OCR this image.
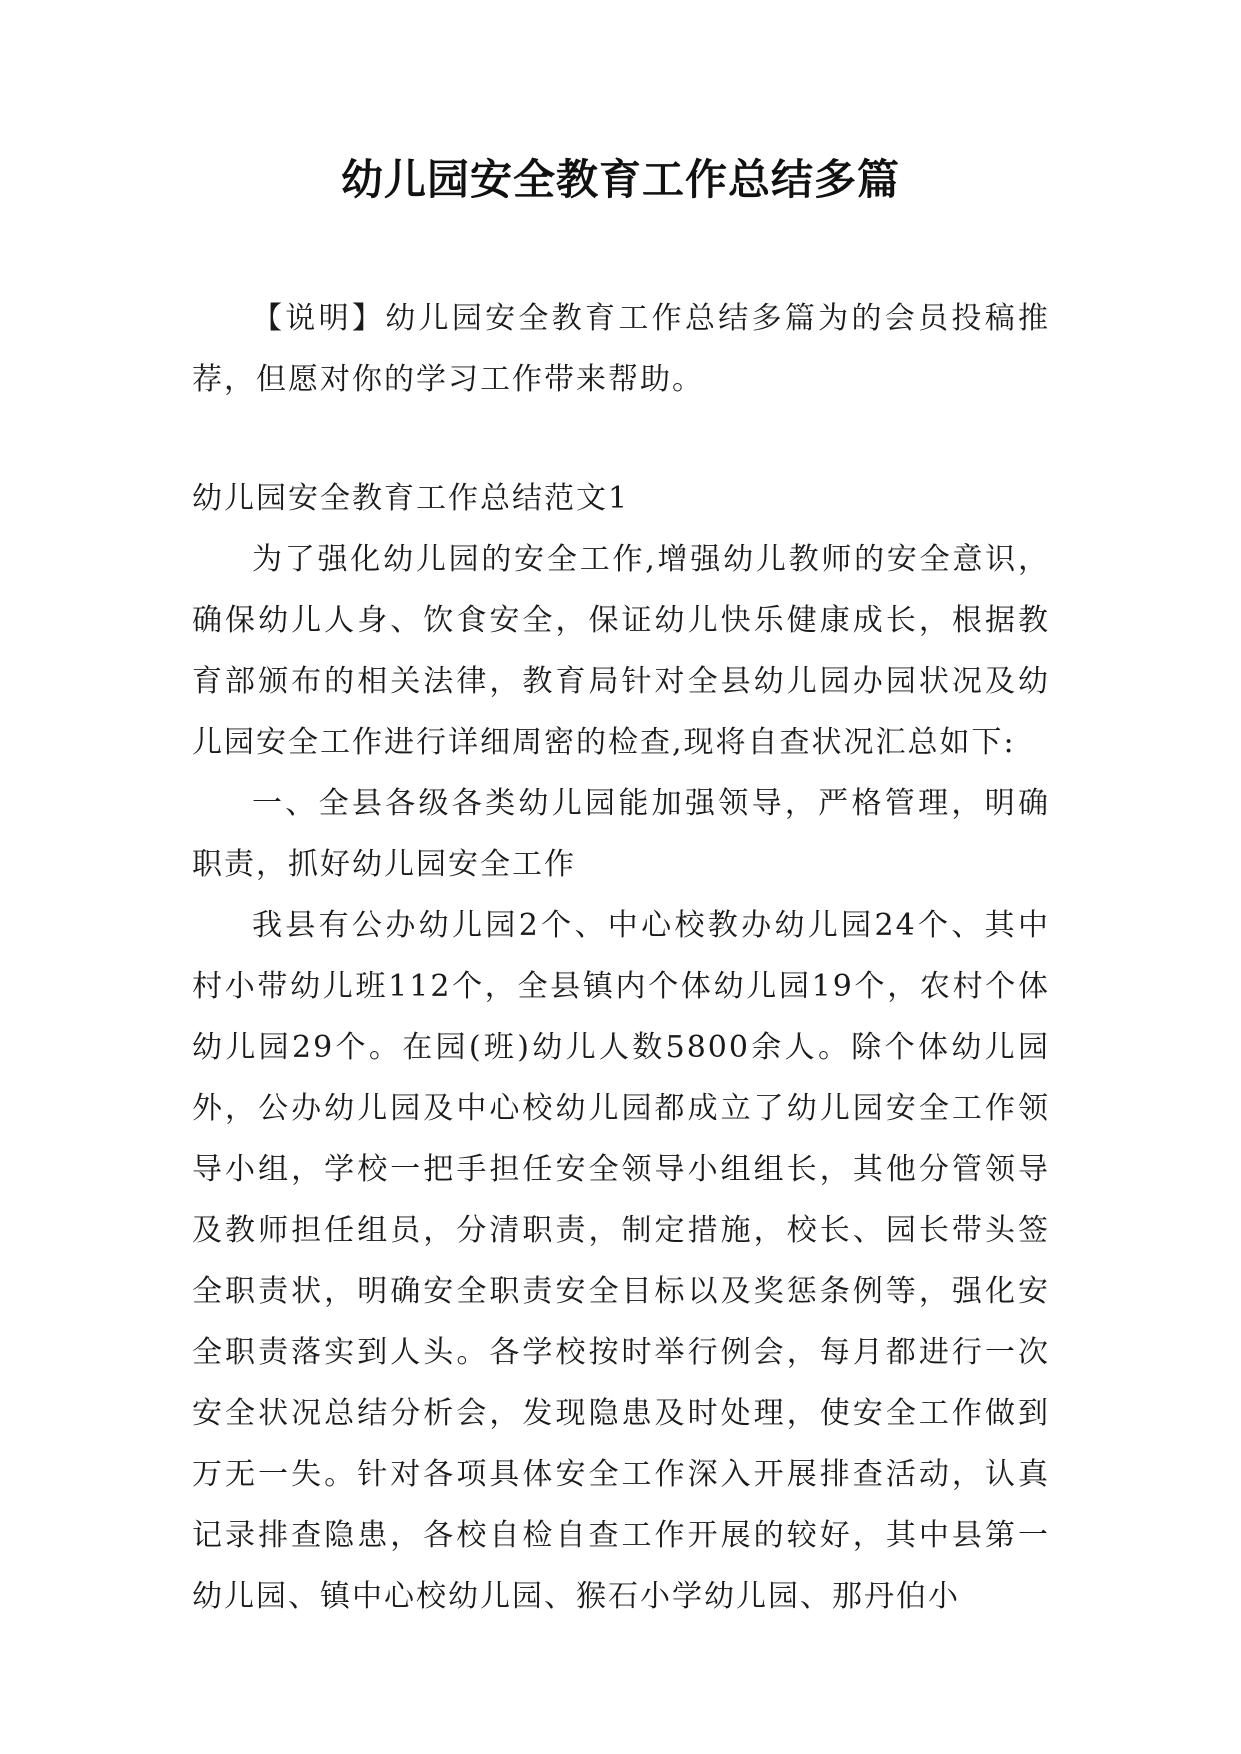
幼儿园安全教育工作总结多篇

【说明】幼儿园安全教育工作总结多篇为的会员投稿推荐，但愿对你的学习工作带来帮助。

幼儿园安全教育工作总结范文1

为了强化幼儿园的安全工作,增强幼儿教师的安全意识，确保幼儿人身、饮食安全，保证幼儿快乐健康成长，根据教育部颁布的相关法律，教育局针对全县幼儿园办园状况及幼儿园安全工作进行详细周密的检查,现将自查状况汇总如下:

一、全县各级各类幼儿园能加强领导，严格管理，明确职责，抓好幼儿园安全工作

我县有公办幼儿园2个、中心校教办幼儿园24个、其中村小带幼儿班112个，全县镇内个体幼儿园19个，农村个体幼儿园29个。在园(班)幼儿人数5800余人。除个体幼儿园外，公办幼儿园及中心校幼儿园都成立了幼儿园安全工作领导小组，学校一把手担任安全领导小组组长，其他分管领导及教师担任组员，分清职责，制定措施，校长、园长带头签全职责状，明确安全职责安全目标以及奖惩条例等，强化安全职责落实到人头。各学校按时举行例会，每月都进行一次安全状况总结分析会，发现隐患及时处理，使安全工作做到万无一失。针对各项具体安全工作深入开展排查活动，认真记录排查隐患，各校自检自查工作开展的较好，其中县第一幼儿园、镇中心校幼儿园、猴石小学幼儿园、那丹伯小
